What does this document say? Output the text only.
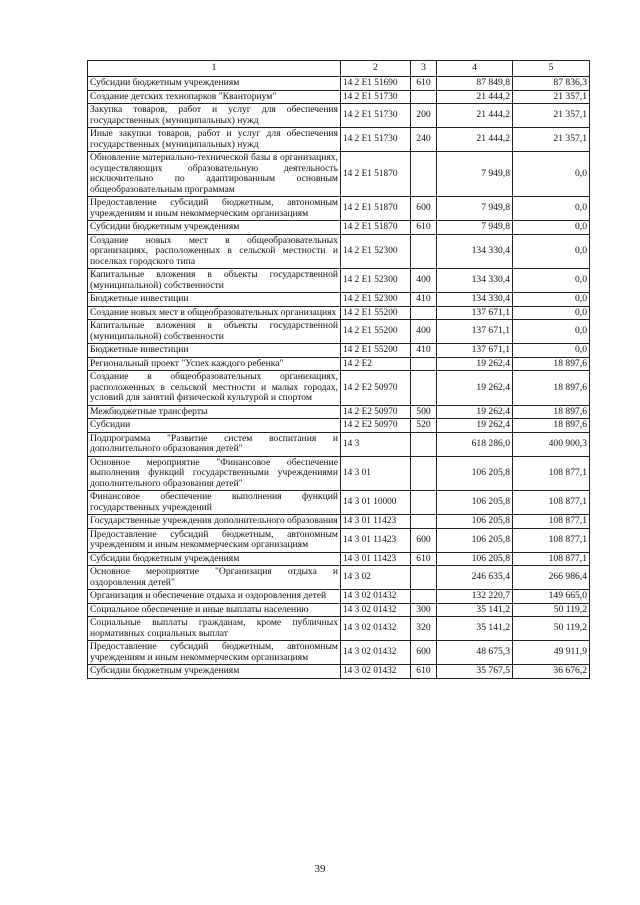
1	2	3	4	5
Субсидии бюджетным учреждениям	14 2 E1 51690	610	87 849,8	87 836,3
Создание детских технопарков "Кванториум"	14 2 E1 51730		21 444,2	21 357,1
Закупка товаров, работ и услуг для обеспечения государственных (муниципальных) нужд	14 2 E1 51730	200	21 444,2	21 357,1
Иные закупки товаров, работ и услуг для обеспечения государственных (муниципальных) нужд	14 2 E1 51730	240	21 444,2	21 357,1
Обновление материально-технической базы в организациях, осуществляющих образовательную деятельность исключительно по адаптированным основным общеобразовательным программам	14 2 E1 51870		7 949,8	0,0
Предоставление субсидий бюджетным, автономным учреждениям и иным некоммерческим организациям	14 2 E1 51870	600	7 949,8	0,0
Субсидии бюджетным учреждениям	14 2 E1 51870	610	7 949,8	0,0
Создание новых мест в общеобразовательных организациях, расположенных в сельской местности и поселках городского типа	14 2 E1 52300		134 330,4	0,0
Капитальные вложения в объекты государственной (муниципальной) собственности	14 2 E1 52300	400	134 330,4	0,0
Бюджетные инвестиции	14 2 E1 52300	410	134 330,4	0,0
Создание новых мест в общеобразовательных организациях	14 2 E1 55200		137 671,1	0,0
Капитальные вложения в объекты государственной (муниципальной) собственности	14 2 E1 55200	400	137 671,1	0,0
Бюджетные инвестиции	14 2 E1 55200	410	137 671,1	0,0
Региональный проект "Успех каждого ребенка"	14 2 E2		19 262,4	18 897,6
Создание в общеобразовательных организациях, расположенных в сельской местности и малых городах, условий для занятий физической культурой и спортом	14 2 E2 50970		19 262,4	18 897,6
Межбюджетные трансферты	14 2 E2 50970	500	19 262,4	18 897,6
Субсидии	14 2 E2 50970	520	19 262,4	18 897,6
Подпрограмма "Развитие систем воспитания и дополнительного образования детей"	14 3		618 286,0	400 900,3
Основное мероприятие "Финансовое обеспечение выполнения функций государственными учреждениями дополнительного образования детей"	14 3 01		106 205,8	108 877,1
Финансовое обеспечение выполнения функций государственных учреждений	14 3 01 10000		106 205,8	108 877,1
Государственные учреждения дополнительного образования	14 3 01 11423		106 205,8	108 877,1
Предоставление субсидий бюджетным, автономным учреждениям и иным некоммерческим организациям	14 3 01 11423	600	106 205,8	108 877,1
Субсидии бюджетным учреждениям	14 3 01 11423	610	106 205,8	108 877,1
Основное мероприятие "Организация отдыха и оздоровления детей"	14 3 02		246 635,4	266 986,4
Организация и обеспечение отдыха и оздоровления детей	14 3 02 01432		132 220,7	149 665,0
Социальное обеспечение и иные выплаты населению	14 3 02 01432	300	35 141,2	50 119,2
Социальные выплаты гражданам, кроме публичных нормативных социальных выплат	14 3 02 01432	320	35 141,2	50 119,2
Предоставление субсидий бюджетным, автономным учреждениям и иным некоммерческим организациям	14 3 02 01432	600	48 675,3	49 911,9
Субсидии бюджетным учреждениям	14 3 02 01432	610	35 767,5	36 676,2
39
